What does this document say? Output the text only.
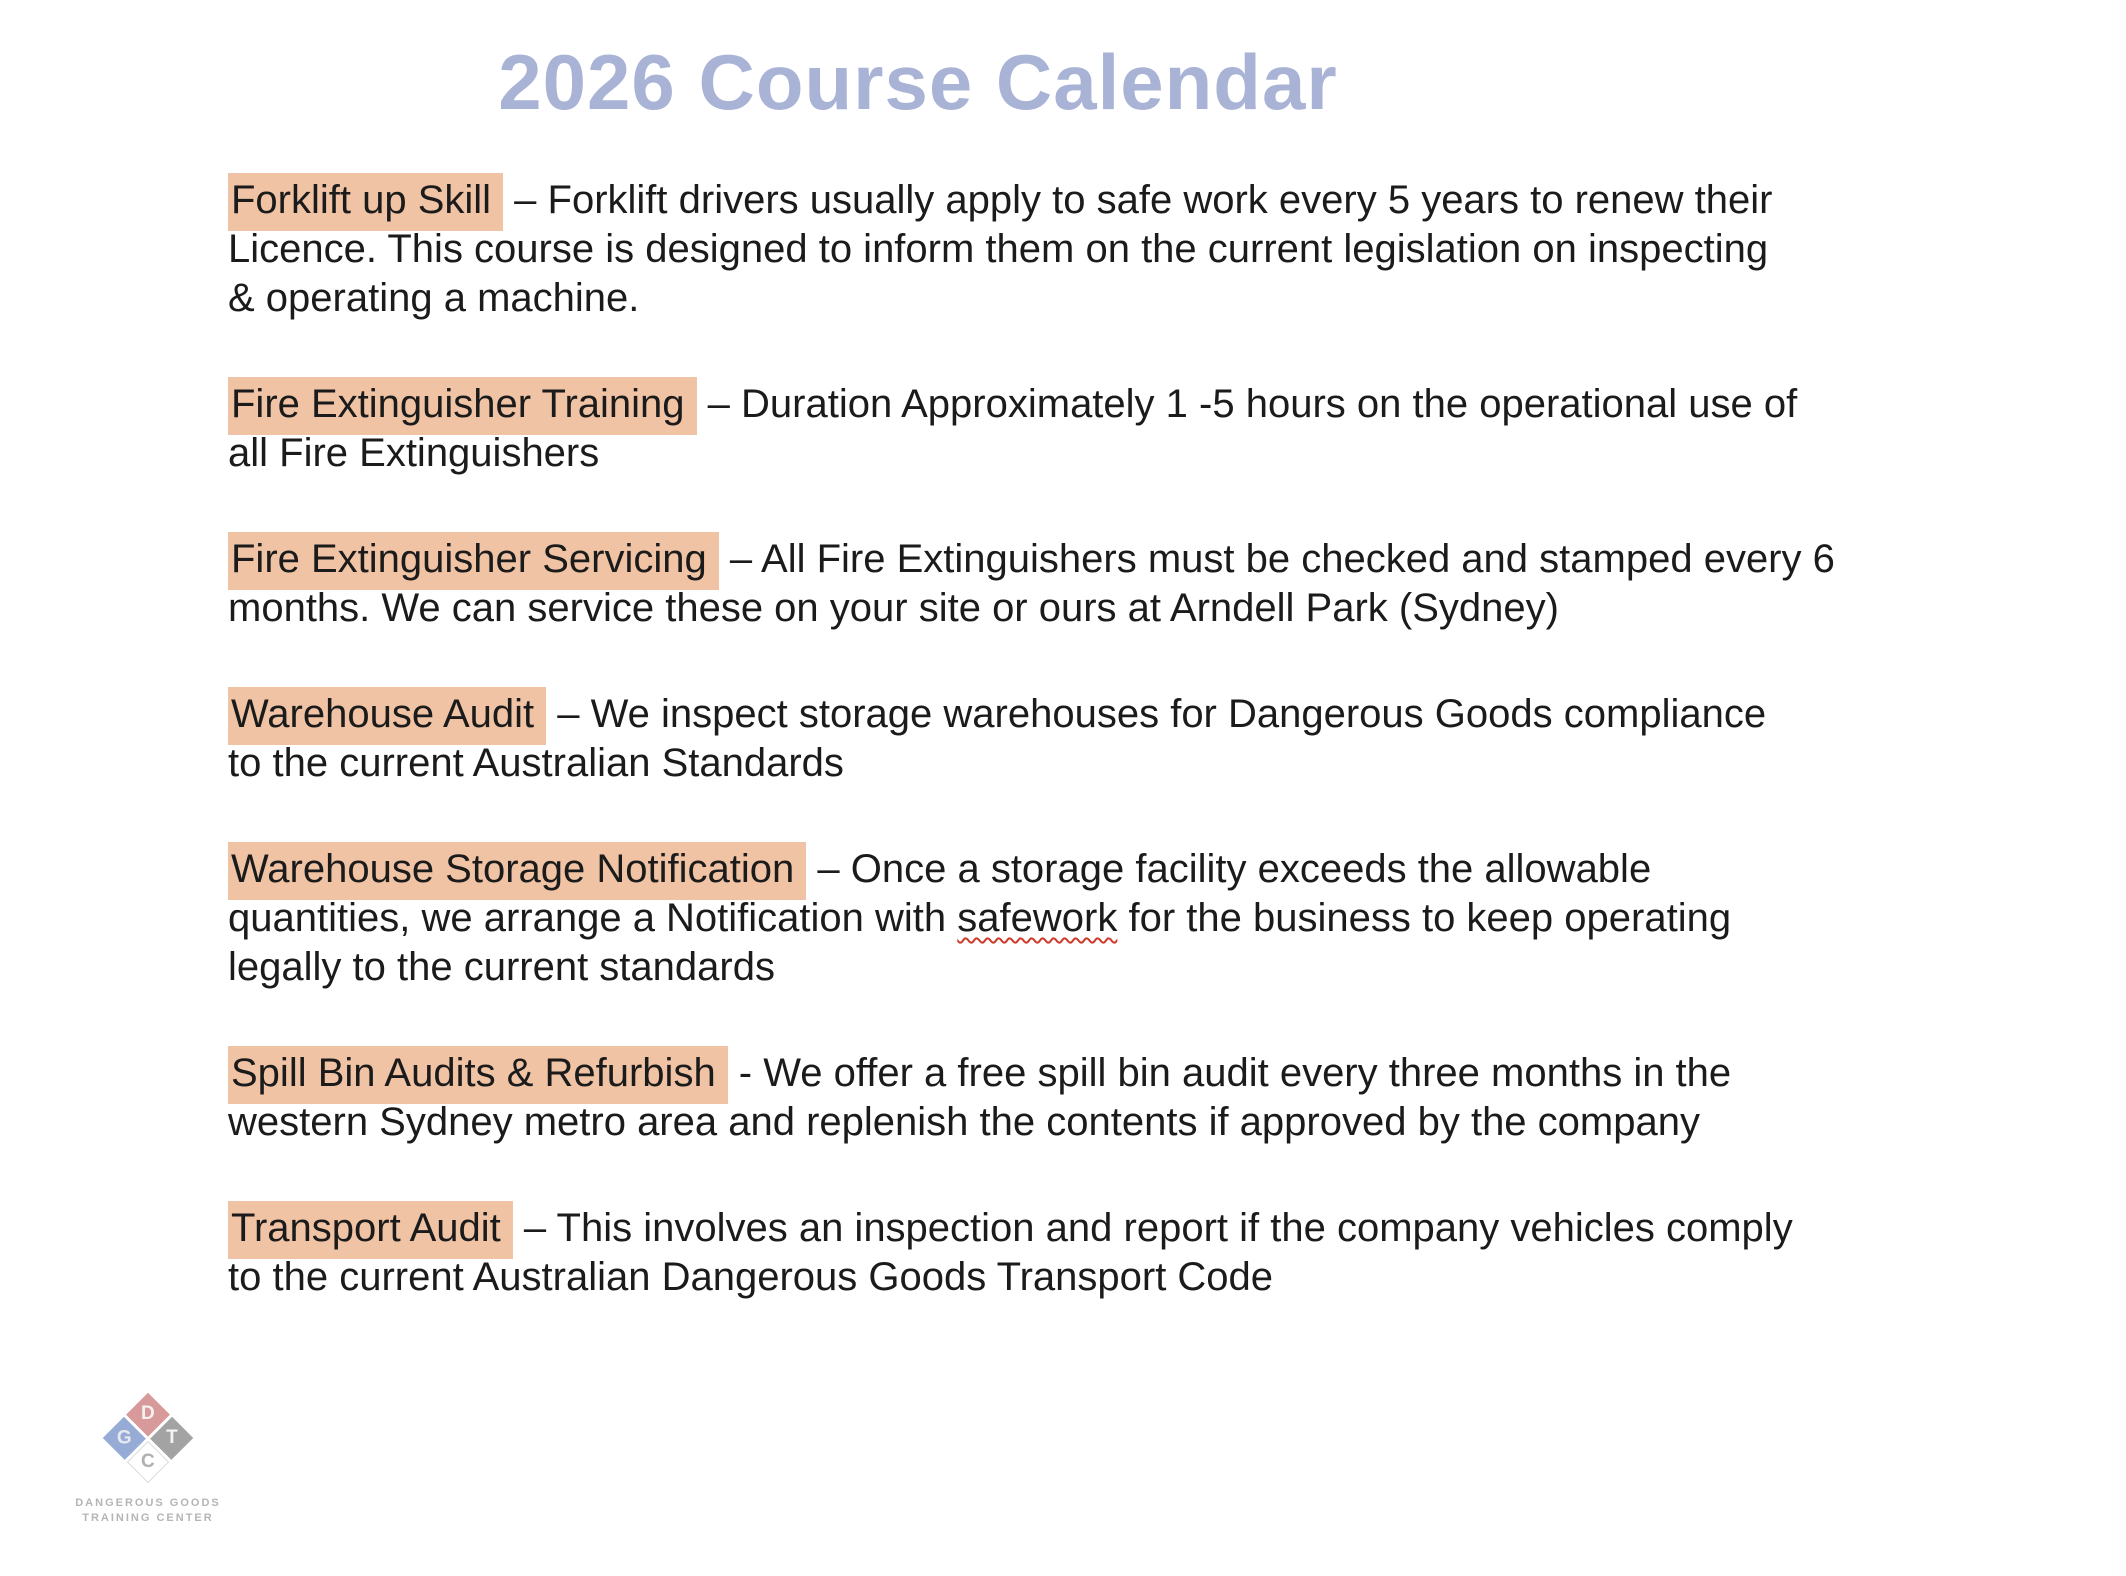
2026 Course Calendar
Forklift up Skill – Forklift drivers usually apply to safe work every 5 years to renew their
Licence. This course is designed to inform them on the current legislation on inspecting
& operating a machine.
Fire Extinguisher Training – Duration Approximately 1 -5 hours on the operational use of
all Fire Extinguishers
Fire Extinguisher Servicing – All Fire Extinguishers must be checked and stamped every 6
months. We can service these on your site or ours at Arndell Park (Sydney)
Warehouse Audit – We inspect storage warehouses for Dangerous Goods compliance
to the current Australian Standards
Warehouse Storage Notification – Once a storage facility exceeds the allowable
quantities, we arrange a Notification with safework for the business to keep operating
legally to the current standards
Spill Bin Audits & Refurbish - We offer a free spill bin audit every three months in the
western Sydney metro area and replenish the contents if approved by the company
Transport Audit – This involves an inspection and report if the company vehicles comply
to the current Australian Dangerous Goods Transport Code
D
T
G
C
DANGEROUS GOODS
TRAINING CENTER
